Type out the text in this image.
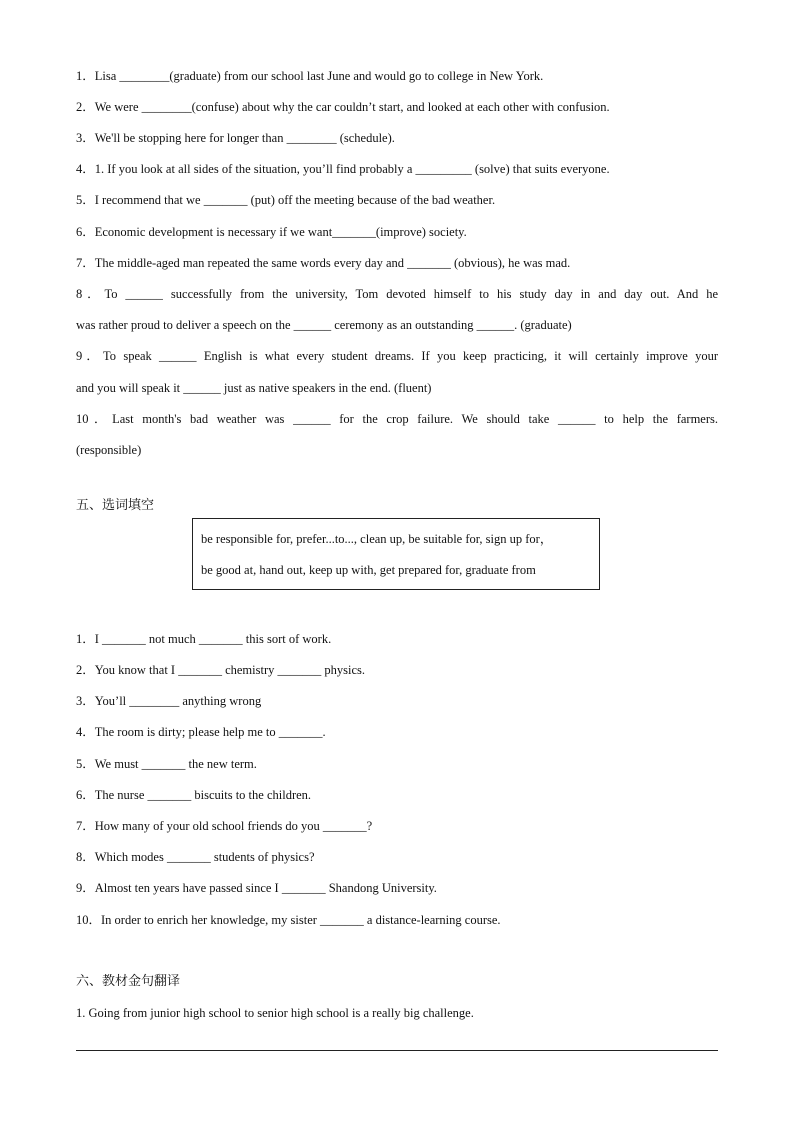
1．Lisa ________(graduate) from our school last June and would go to college in New York.
2．We were ________(confuse) about why the car couldn’t start, and looked at each other with confusion.
3．We'll be stopping here for longer than ________ (schedule).
4．1. If you look at all sides of the situation, you’ll find probably a _________ (solve) that suits everyone.
5．I recommend that we _______ (put) off the meeting because of the bad weather.
6．Economic development is necessary if we want_______(improve) society.
7．The middle-aged man repeated the same words every day and _______ (obvious), he was mad.
8．To ______ successfully from the university, Tom devoted himself to his study day in and day out. And he
was rather proud to deliver a speech on the ______ ceremony as an outstanding ______. (graduate)
9．To speak ______ English is what every student dreams. If you keep practicing, it will certainly improve your
and you will speak it ______ just as native speakers in the end. (fluent)
10．Last month's bad weather was ______ for the crop failure. We should take ______ to help the farmers.
(responsible)
五、选词填空
be responsible for, prefer...to..., clean up, be suitable for, sign up for，
be good at, hand out, keep up with, get prepared for, graduate from
1．I _______ not much _______ this sort of work.
2．You know that I _______ chemistry _______ physics.
3．You’ll ________ anything wrong
4．The room is dirty; please help me to _______.
5．We must _______ the new term.
6．The nurse _______ biscuits to the children.
7．How many of your old school friends do you _______?
8．Which modes _______ students of physics?
9．Almost ten years have passed since I _______ Shandong University.
10．In order to enrich her knowledge, my sister _______ a distance-learning course.
六、教材金句翻译
1. Going from junior high school to senior high school is a really big challenge.
